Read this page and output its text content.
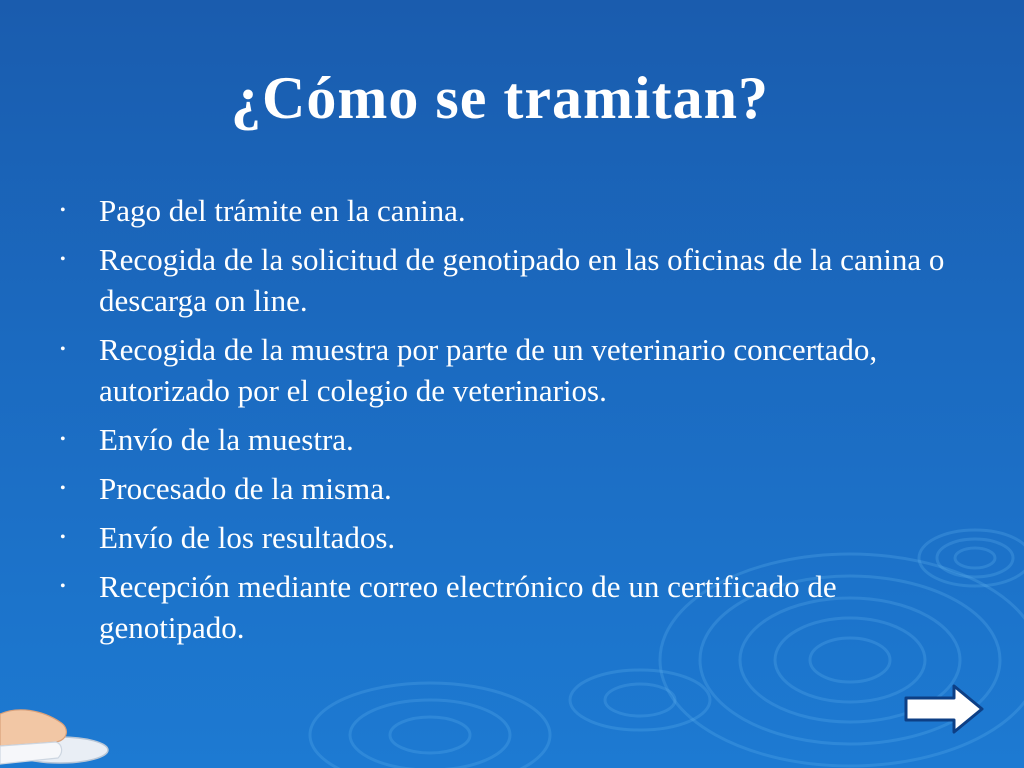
¿Cómo se tramitan?
• Pago del trámite en la canina.
• Recogida de la solicitud de genotipado en las oficinas de la canina o descarga on line.
• Recogida de la muestra por parte de un veterinario concertado, autorizado por el colegio de veterinarios.
• Envío de la muestra.
• Procesado de la misma.
• Envío de los resultados.
• Recepción mediante correo electrónico de un certificado de genotipado.
